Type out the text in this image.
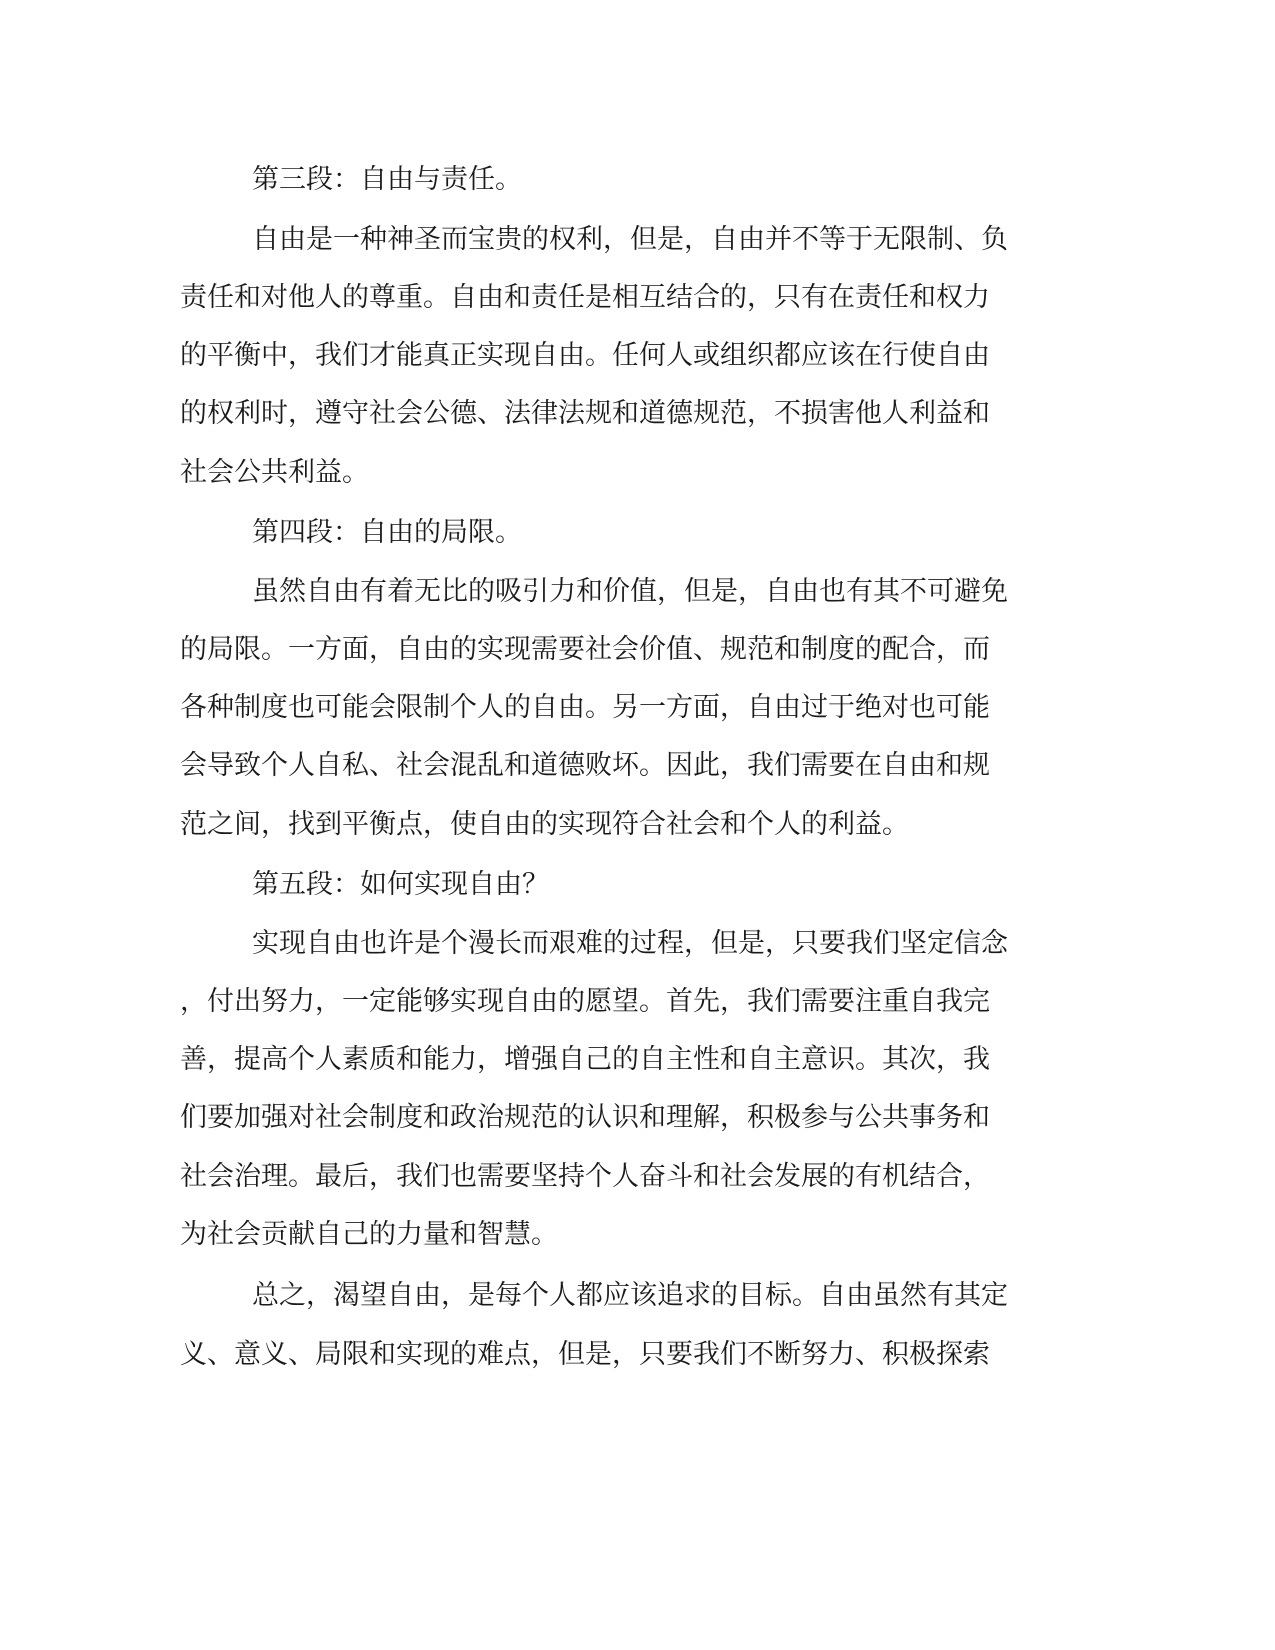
第三段：自由与责任。
自由是一种神圣而宝贵的权利，但是，自由并不等于无限制、负
责任和对他人的尊重。自由和责任是相互结合的，只有在责任和权力
的平衡中，我们才能真正实现自由。任何人或组织都应该在行使自由
的权利时，遵守社会公德、法律法规和道德规范，不损害他人利益和
社会公共利益。
第四段：自由的局限。
虽然自由有着无比的吸引力和价值，但是，自由也有其不可避免
的局限。一方面，自由的实现需要社会价值、规范和制度的配合，而
各种制度也可能会限制个人的自由。另一方面，自由过于绝对也可能
会导致个人自私、社会混乱和道德败坏。因此，我们需要在自由和规
范之间，找到平衡点，使自由的实现符合社会和个人的利益。
第五段：如何实现自由？
实现自由也许是个漫长而艰难的过程，但是，只要我们坚定信念
，付出努力，一定能够实现自由的愿望。首先，我们需要注重自我完
善，提高个人素质和能力，增强自己的自主性和自主意识。其次，我
们要加强对社会制度和政治规范的认识和理解，积极参与公共事务和
社会治理。最后，我们也需要坚持个人奋斗和社会发展的有机结合，
为社会贡献自己的力量和智慧。
总之，渴望自由，是每个人都应该追求的目标。自由虽然有其定
义、意义、局限和实现的难点，但是，只要我们不断努力、积极探索
